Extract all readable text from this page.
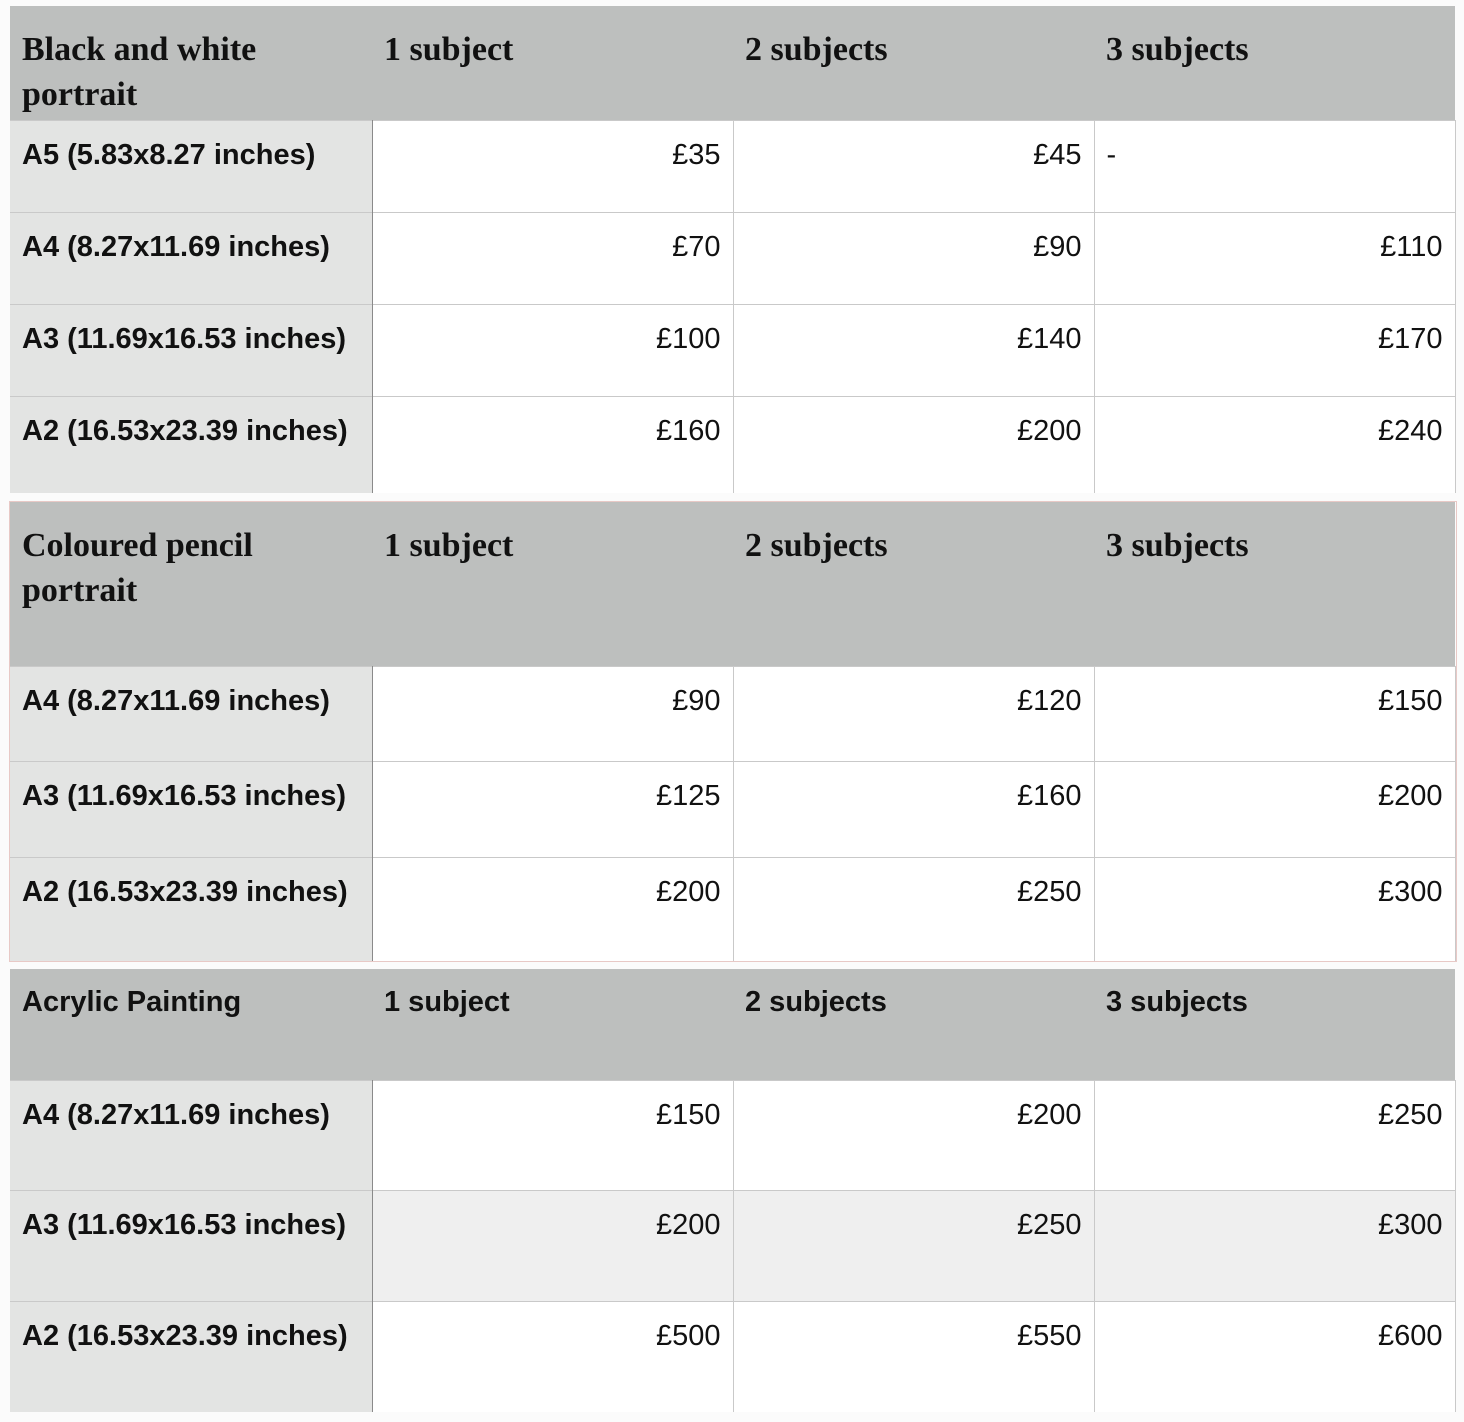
Black and white portrait	1 subject	2 subjects	3 subjects
A5 (5.83x8.27 inches)	£35	£45	-
A4 (8.27x11.69 inches)	£70	£90	£110
A3 (11.69x16.53 inches)	£100	£140	£170
A2 (16.53x23.39 inches)	£160	£200	£240
Coloured pencil portrait	1 subject	2 subjects	3 subjects
A4 (8.27x11.69 inches)	£90	£120	£150
A3 (11.69x16.53 inches)	£125	£160	£200
A2 (16.53x23.39 inches)	£200	£250	£300
Acrylic Painting	1 subject	2 subjects	3 subjects
A4 (8.27x11.69 inches)	£150	£200	£250
A3 (11.69x16.53 inches)	£200	£250	£300
A2 (16.53x23.39 inches)	£500	£550	£600
